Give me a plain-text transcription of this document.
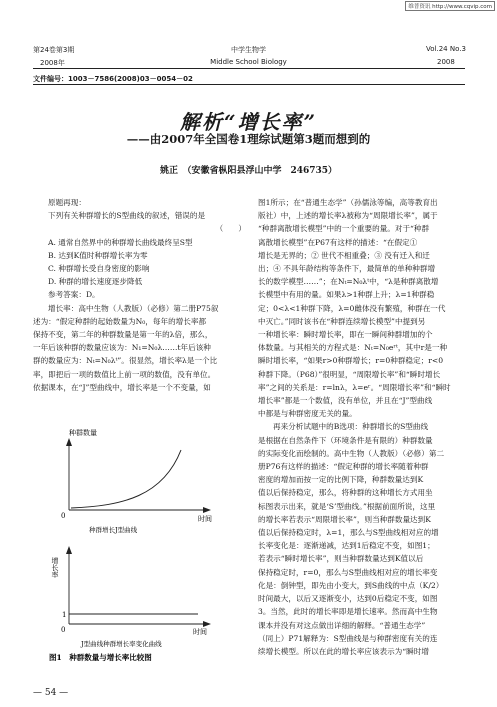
维普资讯 http://www.cqvip.com
第24卷第3期
2008年
中学生物学
Middle School Biology
Vol.24 No.3
2008
文件编号：1003－7586(2008)03－0054－02
解析“增长率”
——由2007年全国卷1理综试题第3题而想到的
姚正　（安徽省枞阳县浮山中学　246735）
原题再现：
下列有关种群增长的S型曲线的叙述，错误的是
（　　）
A. 通常自然界中的种群增长曲线最终呈S型
B. 达到K值时种群增长率为零
C. 种群增长受自身密度的影响
D. 种群的增长速度逐步降低
参考答案：D。
增长率：高中生物（人教版）（必修）第二册P75叙
述为：“假定种群的起始数量为N₀，每年的增长率都
保持不变，第二年的种群数量是第一年的λ倍，那么，
一年后该种群的数量应该为：N₁=N₀λ……t年后该种
群的数量应为：Nₜ=N₀λᵗ”。很显然，增长率λ是一个比
率，即把后一项的数值比上前一项的数值，没有单位。
依据课本，在“J”型曲线中，增长率是一个不变量，如
图1所示；在“普通生态学”（孙儒泳等编，高等教育出
版社）中，上述的增长率λ被称为“周限增长率”，属于
“种群离散增长模型”中的一个重要的量。对于“种群
离散增长模型”在P67有这样的描述：“在假定①
增长是无界的；② 世代不相重叠；③ 没有迁入和迁
出；④ 不具年龄结构等条件下，最简单的单种种群增
长的数学模型……”；在Nₜ=N₀λᵗ中，“λ是种群离散增
长模型中有用的量。如果λ>1种群上升；λ=1种群稳
定；0<λ<1种群下降，λ=0雌体没有繁殖，种群在一代
中灭亡。”同时该书在“种群连续增长模型”中提到另
一种增长率：瞬时增长率，即在一瞬间种群增加的个
体数量。与其相关的方程式是：Nₜ=N₀eʳᵗ，其中r是一种
瞬时增长率，“如果r>0种群增长；r=0种群稳定；r<0
种群下降。（P68）”很明显，“周限增长率”和“瞬时增长
率”之间的关系是：r=lnλ，λ=eʳ。“周限增长率”和“瞬时
增长率”都是一个数值，没有单位，并且在“J”型曲线
中都是与种群密度无关的量。
再来分析试题中的B选项：种群增长的S型曲线
是根据在自然条件下（环境条件是有限的）种群数量
的实际变化而绘制的。高中生物（人教版）（必修）第二
册P76有这样的描述：“假定种群的增长率随着种群
密度的增加而按一定的比例下降，种群数量达到K
值以后保持稳定，那么，将种群的这种增长方式用坐
标图表示出来，就是‘S’型曲线。”根据前面所说，这里
的增长率若表示“周限增长率”，则当种群数量达到K
值以后保持稳定时，λ=1，那么与S型曲线相对应的增
长率变化是：逐渐递减，达到1后稳定不变，如图1；
若表示“瞬时增长率”，则当种群数量达到K值以后
保持稳定时，r=0，那么与S型曲线相对应的增长率变
化是：倒钟型，即先由小变大，到S曲线的中点（K/2）
时间最大，以后又逐渐变小，达到0后稳定不变，如图
3。当然，此时的增长率即是增长速率。然而高中生物
课本并没有对这点做出详细的解释。“普通生态学”
（同上）P71解释为：S型曲线是与种群密度有关的连
续增长模型。所以在此的增长率应该表示为“瞬时增
种群数量
0	时间
种群增长J型曲线
增长率
1
0	时间
J型曲线种群增长率变化曲线
图1　种群数量与增长率比较图
— 54 —
